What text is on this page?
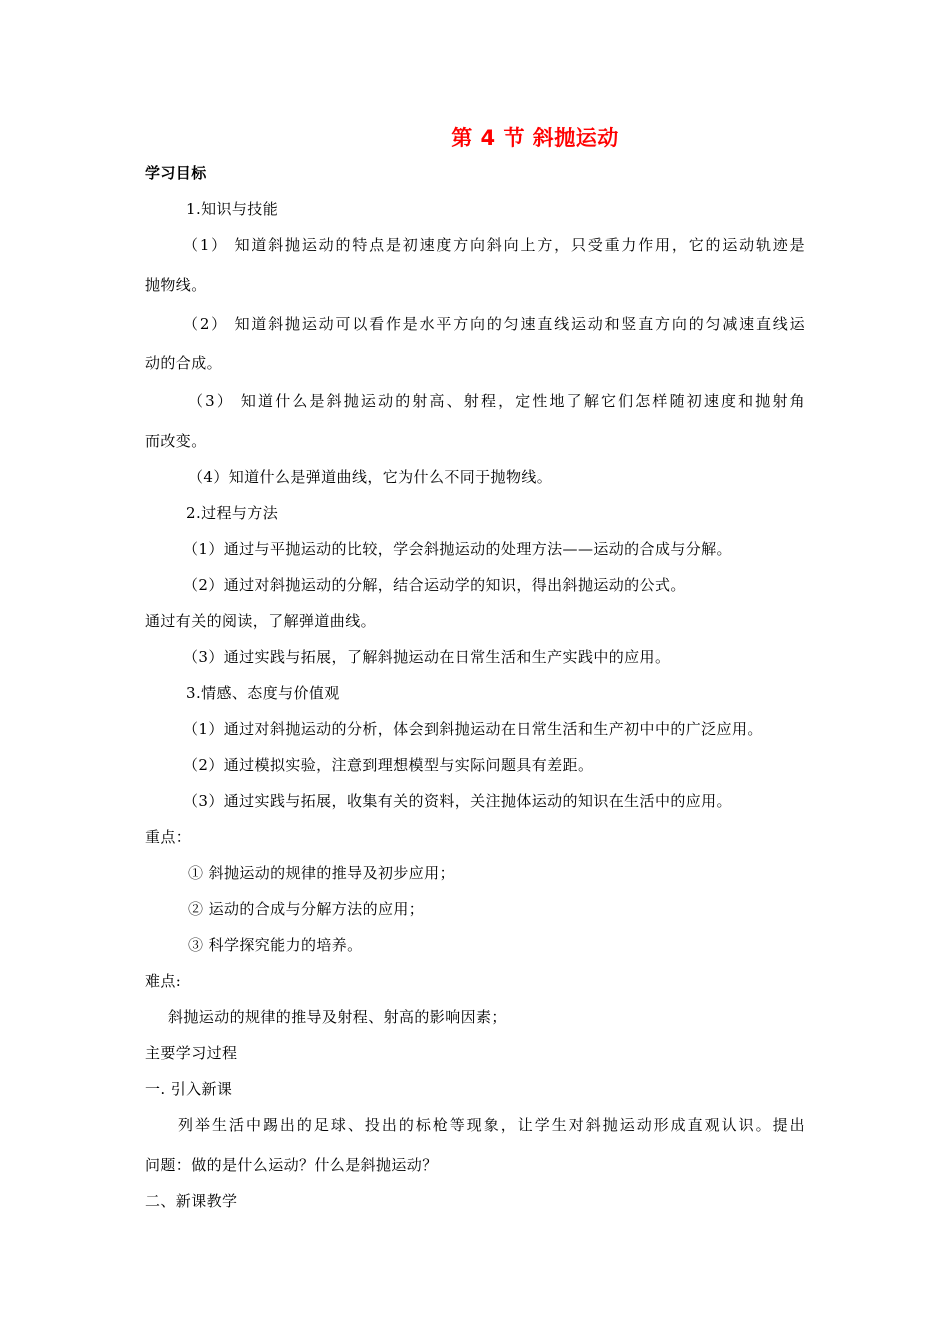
第 4 节 斜抛运动
学习目标
1.知识与技能
（1） 知道斜抛运动的特点是初速度方向斜向上方，只受重力作用，它的运动轨迹是
抛物线。
（2） 知道斜抛运动可以看作是水平方向的匀速直线运动和竖直方向的匀减速直线运
动的合成。
（3） 知道什么是斜抛运动的射高、射程，定性地了解它们怎样随初速度和抛射角
而改变。
（4）知道什么是弹道曲线，它为什么不同于抛物线。
2.过程与方法
（1）通过与平抛运动的比较，学会斜抛运动的处理方法——运动的合成与分解。
（2）通过对斜抛运动的分解，结合运动学的知识，得出斜抛运动的公式。
通过有关的阅读，了解弹道曲线。
（3）通过实践与拓展，了解斜抛运动在日常生活和生产实践中的应用。
3.情感、态度与价值观
（1）通过对斜抛运动的分析，体会到斜抛运动在日常生活和生产初中中的广泛应用。
（2）通过模拟实验，注意到理想模型与实际问题具有差距。
（3）通过实践与拓展，收集有关的资料，关注抛体运动的知识在生活中的应用。
重点：
① 斜抛运动的规律的推导及初步应用；
② 运动的合成与分解方法的应用；
③ 科学探究能力的培养。
难点:
斜抛运动的规律的推导及射程、射高的影响因素；
主要学习过程
一. 引入新课
列举生活中踢出的足球、投出的标枪等现象，让学生对斜抛运动形成直观认识。提出
问题：做的是什么运动？什么是斜抛运动？
二、新课教学
